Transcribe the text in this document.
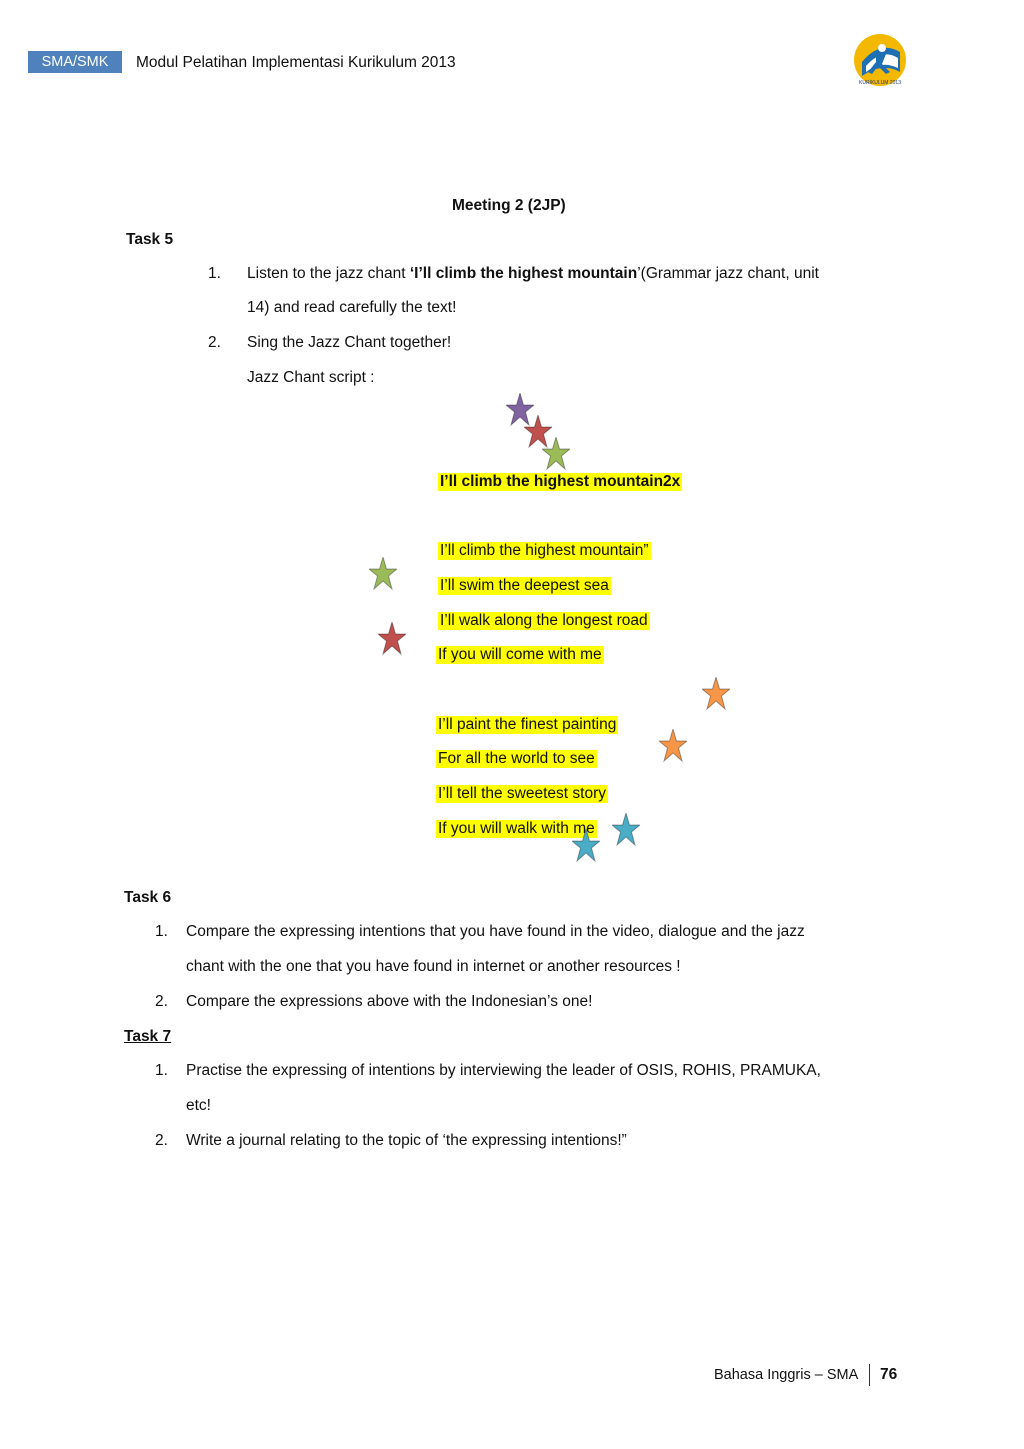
SMA/SMK	Modul Pelatihan Implementasi Kurikulum 2013
KURIKULUM 2013
Meeting 2 (2JP)
Task 5
1. Listen to the jazz chant ‘I’ll climb the highest mountain’(Grammar jazz chant, unit
14) and read carefully the text!
2. Sing the Jazz Chant together!
Jazz Chant script :
I’ll climb the highest mountain2x
I’ll climb the highest mountain”
I’ll swim the deepest sea
I’ll walk along the longest road
If you will come with me
I’ll paint the finest painting
For all the world to see
I’ll tell the sweetest story
If you will walk with me
Task 6
1. Compare the expressing intentions that you have found in the video, dialogue and the jazz
chant with the one that you have found in internet or another resources !
2. Compare the expressions above with the Indonesian’s one!
Task 7
1. Practise the expressing of intentions by interviewing the leader of OSIS, ROHIS, PRAMUKA,
etc!
2. Write a journal relating to the topic of ‘the expressing intentions!”
Bahasa Inggris – SMA 76
